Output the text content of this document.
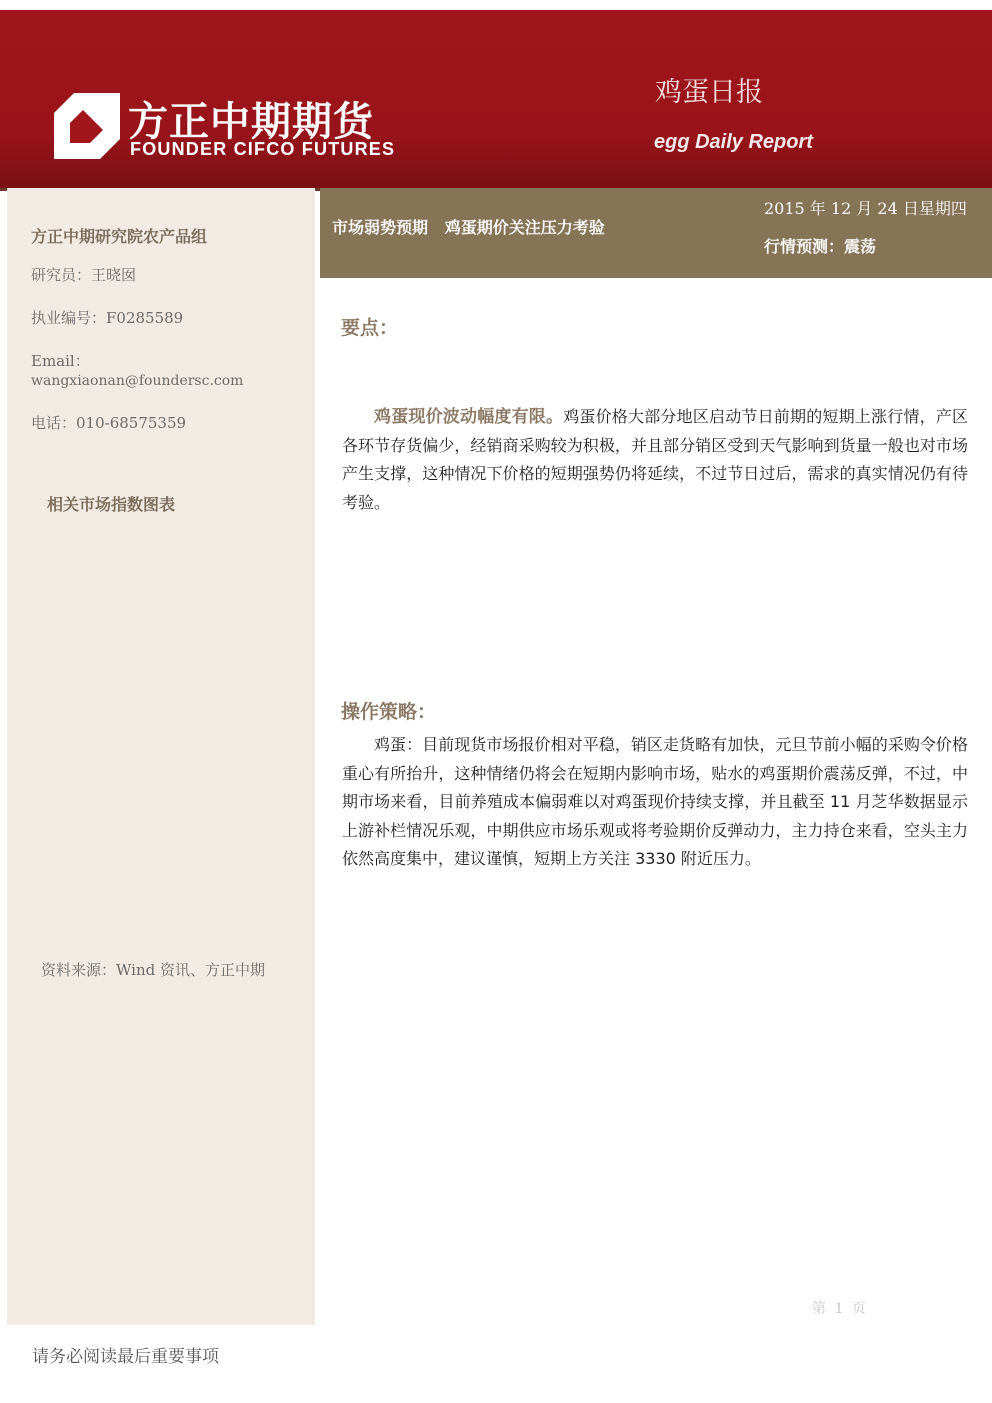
方正中期期货
FOUNDER CIFCO FUTURES
鸡蛋日报
egg Daily Report
方正中期研究院农产品组
研究员：王晓囡
执业编号：F0285589
Email：
wangxiaonan@foundersc.com
电话：010-68575359
相关市场指数图表
资料来源：Wind 资讯、方正中期
市场弱势预期   鸡蛋期价关注压力考验
2015 年 12 月 24 日星期四
行情预测：震荡
要点：

鸡蛋现价波动幅度有限。鸡蛋价格大部分地区启动节日前期的短期上涨行情，产区各环节存货偏少，经销商采购较为积极，并且部分销区受到天气影响到货量一般也对市场产生支撑，这种情况下价格的短期强势仍将延续，不过节日过后，需求的真实情况仍有待考验。

操作策略：

鸡蛋：目前现货市场报价相对平稳，销区走货略有加快，元旦节前小幅的采购令价格重心有所抬升，这种情绪仍将会在短期内影响市场，贴水的鸡蛋期价震荡反弹，不过，中期市场来看，目前养殖成本偏弱难以对鸡蛋现价持续支撑，并且截至 11 月芝华数据显示上游补栏情况乐观，中期供应市场乐观或将考验期价反弹动力，主力持仓来看，空头主力依然高度集中，建议谨慎，短期上方关注 3330 附近压力。

第 1 页
请务必阅读最后重要事项
